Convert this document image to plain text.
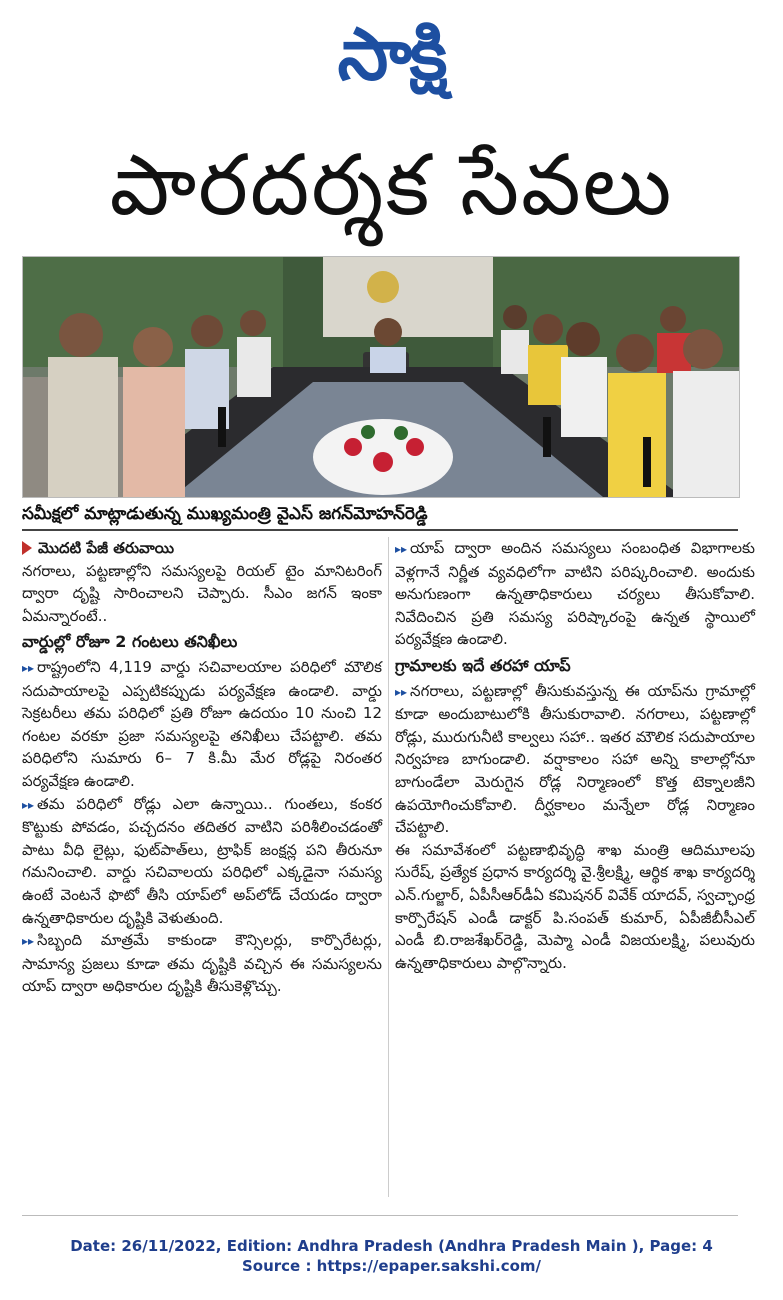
సాక్షి
పారదర్శక సేవలు
సమీక్షలో మాట్లాడుతున్న ముఖ్యమంత్రి వైఎస్‌ జగన్‌మోహన్‌రెడ్డి

మొదటి పేజీ తరువాయి

నగరాలు, పట్టణాల్లోని సమస్యలపై రియల్‌ టైం మానిటరింగ్‌ ద్వారా దృష్టి సారించాలని చెప్పారు. సీఎం జగన్‌ ఇంకా ఏమన్నారంటే..

వార్డుల్లో రోజూ 2 గంటలు తనిఖీలు

▸▸ రాష్ట్రంలోని 4,119 వార్డు సచివాలయాల పరిధిలో మౌలిక సదుపాయాలపై ఎప్పటికప్పుడు పర్యవేక్షణ ఉండాలి. వార్డు సెక్రటరీలు తమ పరిధిలో ప్రతి రోజూ ఉదయం 10 నుంచి 12 గంటల వరకూ ప్రజా సమస్యలపై తనిఖీలు చేపట్టాలి. తమ పరిధిలోని సుమారు 6– 7 కి.మీ మేర రోడ్లపై నిరంతర పర్యవేక్షణ ఉండాలి.

▸▸ తమ పరిధిలో రోడ్లు ఎలా ఉన్నాయి.. గుంతలు, కంకర కొట్టుకు పోవడం, పచ్చదనం తదితర వాటిని పరిశీలించడంతో పాటు వీధి లైట్లు, ఫుట్‌పాత్‌లు, ట్రాఫిక్‌ జంక్షన్ల పని తీరునూ గమనించాలి. వార్డు సచివాలయ పరిధిలో ఎక్కడైనా సమస్య ఉంటే వెంటనే ఫొటో తీసి యాప్‌లో అప్‌లోడ్‌ చేయడం ద్వారా ఉన్నతాధికారుల దృష్టికి వెళుతుంది.

▸▸ సిబ్బంది మాత్రమే కాకుండా కౌన్సిలర్లు, కార్పొరేటర్లు, సామాన్య ప్రజలు కూడా తమ దృష్టికి వచ్చిన ఈ సమస్యలను యాప్‌ ద్వారా అధికారుల దృష్టికి తీసుకెళ్లొచ్చు.

▸▸ యాప్‌ ద్వారా అందిన సమస్యలు సంబంధిత విభాగాలకు వెళ్లగానే నిర్ణీత వ్యవధిలోగా వాటిని పరిష్కరించాలి. అందుకు అనుగుణంగా ఉన్నతాధికారులు చర్యలు తీసుకోవాలి. నివేదించిన ప్రతి సమస్య పరిష్కారంపై ఉన్నత స్థాయిలో పర్యవేక్షణ ఉండాలి.

గ్రామాలకు ఇదే తరహా యాప్‌

▸▸ నగరాలు, పట్టణాల్లో తీసుకువస్తున్న ఈ యాప్‌ను గ్రామాల్లో కూడా అందుబాటులోకి తీసుకురావాలి. నగరాలు, పట్టణాల్లో రోడ్లు, మురుగునీటి కాల్వలు సహా.. ఇతర మౌలిక సదుపాయాల నిర్వహణ బాగుండాలి. వర్షాకాలం సహా అన్ని కాలాల్లోనూ బాగుండేలా మెరుగైన రోడ్ల నిర్మాణంలో కొత్త టెక్నాలజీని ఉపయోగించుకోవాలి. దీర్ఘకాలం మన్నేలా రోడ్ల నిర్మాణం చేపట్టాలి.

ఈ సమావేశంలో పట్టణాభివృద్ధి శాఖ మంత్రి ఆదిమూలపు సురేష్, ప్రత్యేక ప్రధాన కార్యదర్శి వై.శ్రీలక్ష్మి, ఆర్థిక శాఖ కార్యదర్శి ఎన్‌.గుల్జార్, ఏపీసీఆర్‌డీఏ కమిషనర్‌ వివేక్‌ యాదవ్, స్వచ్ఛాంధ్ర కార్పొరేషన్‌ ఎండీ డాక్టర్‌ పి.సంపత్‌ కుమార్, ఏపీజీబీసీఎల్‌ ఎండీ బి.రాజశేఖర్‌రెడ్డి, మెప్మా ఎండీ విజయలక్ష్మి, పలువురు ఉన్నతాధికారులు పాల్గొన్నారు.

Date: 26/11/2022, Edition: Andhra Pradesh (Andhra Pradesh Main ), Page: 4
Source : https://epaper.sakshi.com/
